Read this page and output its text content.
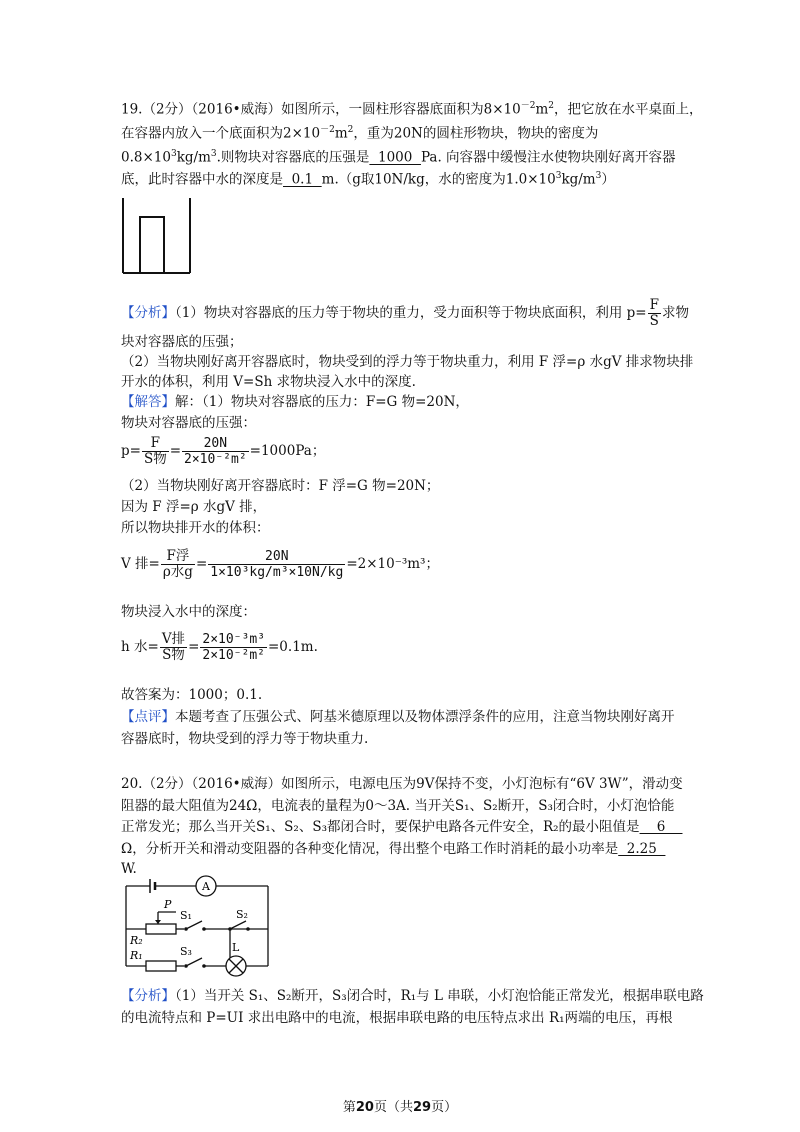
19.（2分）（2016•威海）如图所示，一圆柱形容器底面积为$8\times 10^{-2}m^2$，把它放在水平桌面上，
在容器内放入一个底面积为$2\times 10^{-2}m^2$，重为20N的圆柱形物块，物块的密度为
$0.8\times 10^3kg/m^3$.则物块对容器底的压强是  1000  Pa. 向容器中缓慢注水使物块刚好离开容器
底，此时容器中水的深度是  0.1  m.（g取10N/kg，水的密度为$1.0\times 10^3kg/m^3$）
【分析】（1）物块对容器底的压力等于物块的重力，受力面积等于物块底面积，利用 $p= \frac{F}{S}$ 求物
块对容器底的压强；
（2）当物块刚好离开容器底时，物块受到的浮力等于物块重力，利用 F 浮=ρ 水gV 排求物块排
开水的体积，利用 V=Sh 求物块浸入水中的深度.
【解答】解：（1）物块对容器底的压力：F=G 物=20N，
物块对容器底的压强：
$p= \frac{F}{\text{S物}} = \frac{20N}{\text{2×10⁻²m²}} =1000Pa$；
（2）当物块刚好离开容器底时：F 浮=G 物=20N；
因为 F 浮=ρ 水gV 排，
所以物块排开水的体积：
V 排= $\frac{\text{F浮}}{\text{ρ水g}} = \frac{20N}{\text{1×10³kg/m³×10N/kg}} =2\times 10^{-3}m^3$；
物块浸入水中的深度：
h 水= $\frac{\text{V排}}{\text{S物}} = \frac{\text{2×10⁻³m³}}{\text{2×10⁻²m²}} =0.1m$.
故答案为：1000；0.1.
【点评】本题考查了压强公式、阿基米德原理以及物体漂浮条件的应用，注意当物块刚好离开
容器底时，物块受到的浮力等于物块重力.
20.（2分）（2016•威海）如图所示，电源电压为9V保持不变，小灯泡标有“6V 3W”，滑动变
阻器的最大阻值为24Ω，电流表的量程为0～3A. 当开关S₁、S₂断开，S₃闭合时，小灯泡恰能
正常发光；那么当开关S₁、S₂、S₃都闭合时，要保护电路各元件安全，R₂的最小阻值是    6
Ω，分析开关和滑动变阻器的各种变化情况，得出整个电路工作时消耗的最小功率是  2.25
W.
A
P
R₂
S₁	S₂
R₁	S₃	L
【分析】（1）当开关 S₁、S₂断开，S₃闭合时，R₁与 L 串联，小灯泡恰能正常发光，根据串联电路
的电流特点和 P=UI 求出电路中的电流，根据串联电路的电压特点求出 R₁两端的电压，再根
第20页（共29页）
